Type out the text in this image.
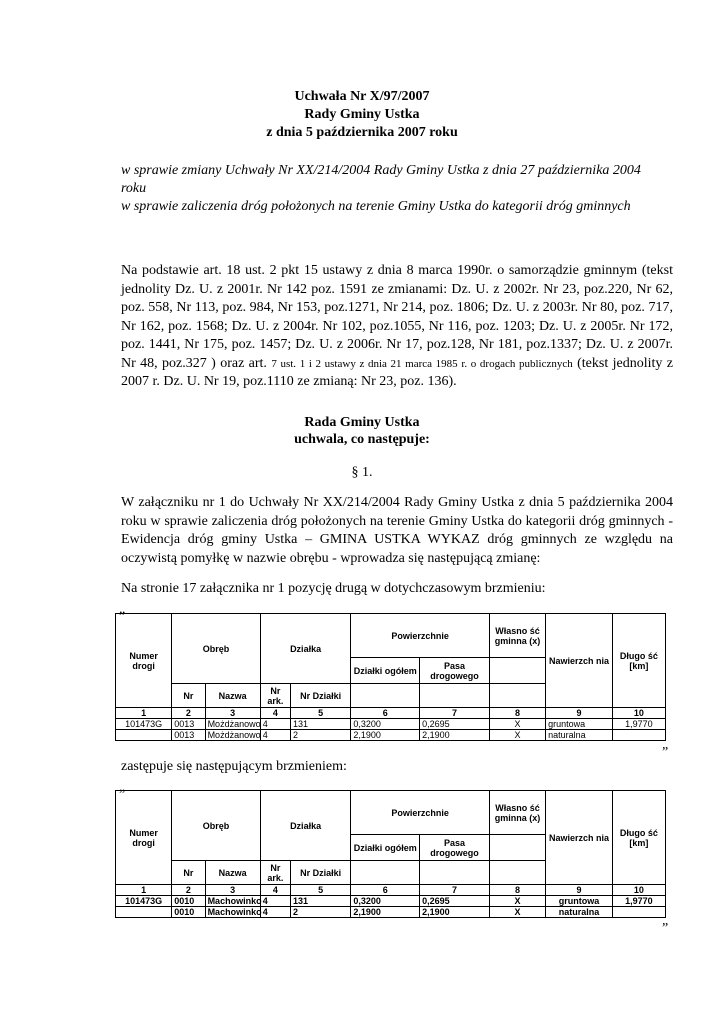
Uchwała Nr X/97/2007
Rady Gminy Ustka
z dnia 5 października 2007 roku
w sprawie zmiany Uchwały Nr XX/214/2004 Rady Gminy Ustka z dnia 27 października 2004
roku
w sprawie zaliczenia dróg położonych na terenie Gminy Ustka do kategorii dróg gminnych
Na podstawie art. 18 ust. 2 pkt 15 ustawy z dnia 8 marca 1990r. o samorządzie gminnym (tekst jednolity Dz. U. z 2001r. Nr 142 poz. 1591 ze zmianami: Dz. U. z 2002r. Nr 23, poz.220, Nr 62, poz. 558, Nr 113, poz. 984, Nr 153, poz.1271, Nr 214, poz. 1806; Dz. U. z 2003r. Nr 80, poz. 717, Nr 162, poz. 1568; Dz. U. z 2004r. Nr 102, poz.1055, Nr 116, poz. 1203; Dz. U. z 2005r. Nr 172, poz. 1441, Nr 175, poz. 1457; Dz. U. z 2006r. Nr 17, poz.128, Nr 181, poz.1337; Dz. U. z 2007r. Nr 48, poz.327 ) oraz art. 7 ust. 1 i 2 ustawy z dnia 21 marca 1985 r. o drogach publicznych (tekst jednolity z 2007 r. Dz. U. Nr 19, poz.1110 ze zmianą: Nr 23, poz. 136).
Rada Gminy Ustka
uchwala, co następuje:
§ 1.
W załączniku nr 1 do Uchwały Nr XX/214/2004 Rady Gminy Ustka z dnia 5 października 2004 roku w sprawie zaliczenia dróg położonych na terenie Gminy Ustka do kategorii dróg gminnych - Ewidencja dróg gminy Ustka – GMINA USTKA WYKAZ dróg gminnych ze względu na oczywistą pomyłkę w nazwie obrębu - wprowadza się następującą zmianę:
Na stronie 17 załącznika nr 1 pozycję drugą w dotychczasowym brzmieniu:
„
Numer drogi	Obręb		Działka		Powierzchnie		Własno ść gminna (x)	Nawierzch nia	Długo ść [km]
					Działki ogółem	Pasa drogowego			
	Nr	Nazwa	Nr ark.	Nr Działki					
1	2	3	4	5	6	7	8	9	10
101473G	0013	Możdżanowo	4	131	0,3200	0,2695	X	gruntowa	1,9770
	0013	Możdżanowo	4	2	2,1900	2,1900	X	naturalna	
”
zastępuje się następującym brzmieniem:
„
Numer drogi	Obręb		Działka		Powierzchnie		Własno ść gminna (x)	Nawierzch nia	Długo ść [km]
					Działki ogółem	Pasa drogowego			
	Nr	Nazwa	Nr ark.	Nr Działki					
1	2	3	4	5	6	7	8	9	10
101473G	0010	Machowinko	4	131	0,3200	0,2695	X	gruntowa	1,9770
	0010	Machowinko	4	2	2,1900	2,1900	X	naturalna	
”
